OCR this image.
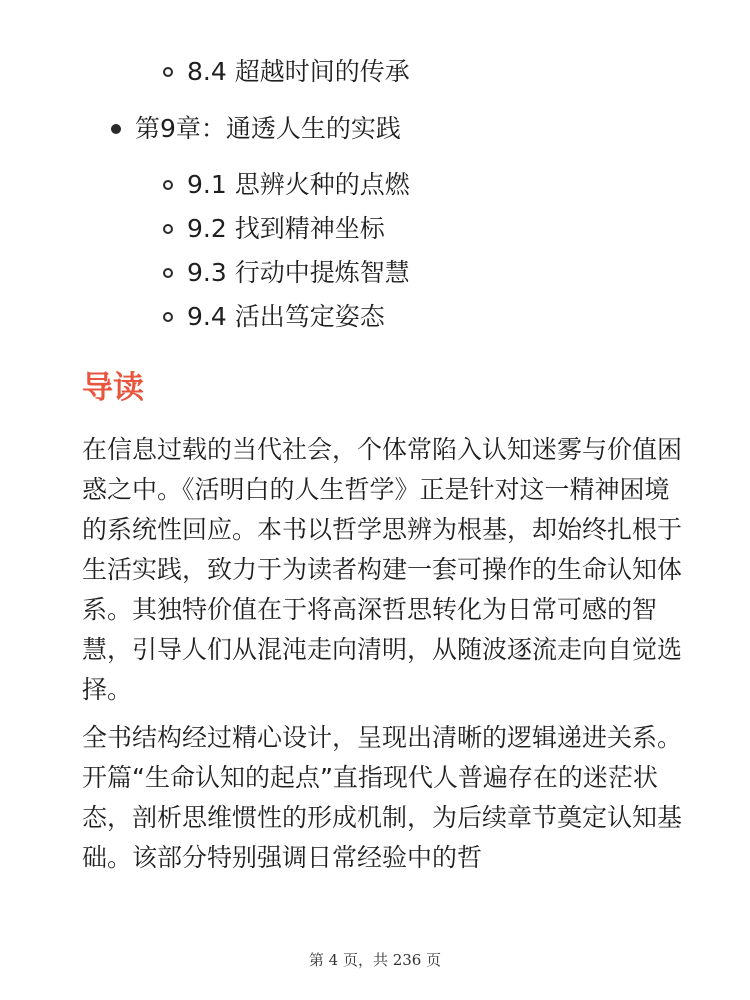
8.4 超越时间的传承
第9章：通透人生的实践
9.1 思辨火种的点燃
9.2 找到精神坐标
9.3 行动中提炼智慧
9.4 活出笃定姿态
导读

在信息过载的当代社会，个体常陷入认知迷雾与价值困惑之中。《活明白的人生哲学》正是针对这一精神困境的系统性回应。本书以哲学思辨为根基，却始终扎根于生活实践，致力于为读者构建一套可操作的生命认知体系。其独特价值在于将高深哲思转化为日常可感的智慧，引导人们从混沌走向清明，从随波逐流走向自觉选择。

全书结构经过精心设计，呈现出清晰的逻辑递进关系。开篇“生命认知的起点”直指现代人普遍存在的迷茫状态，剖析思维惯性的形成机制，为后续章节奠定认知基础。该部分特别强调日常经验中的哲

第 4 页，共 236 页
